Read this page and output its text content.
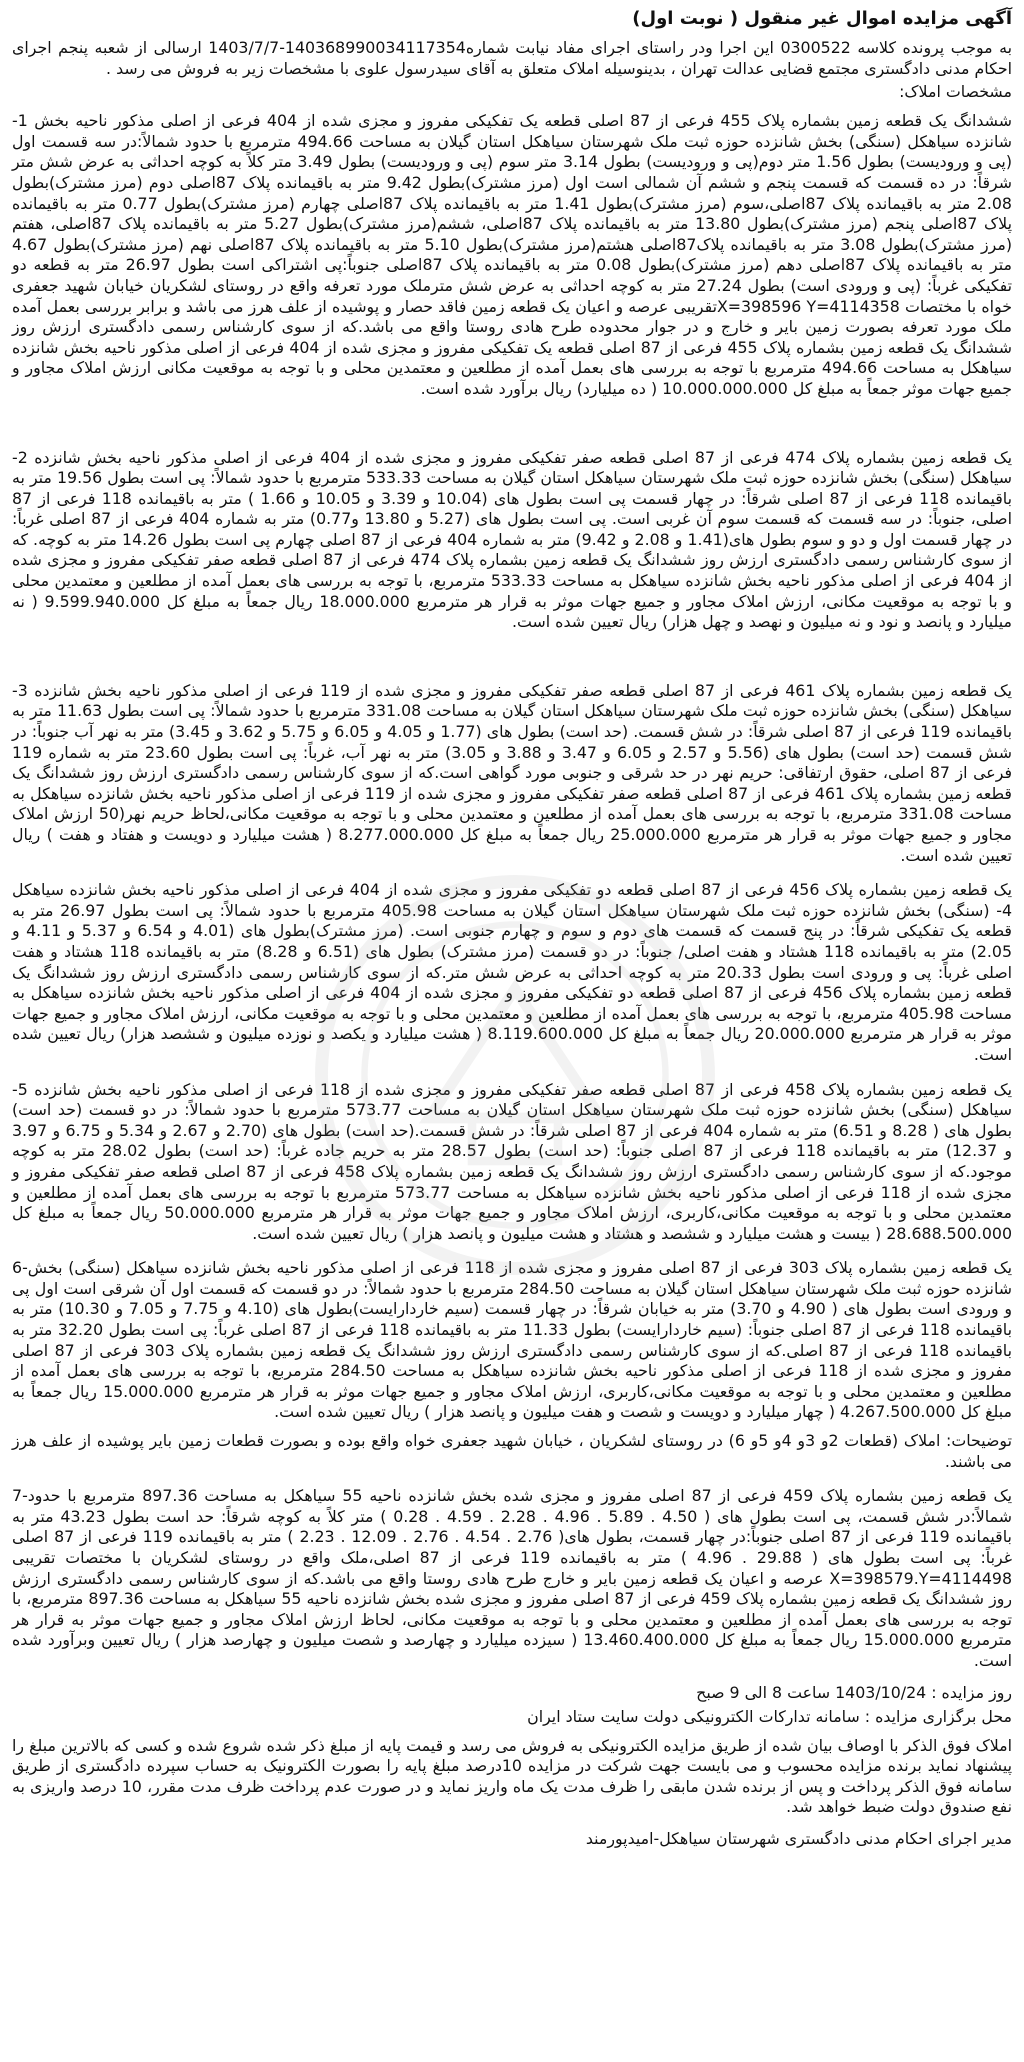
آگهی مزایده اموال غیر منقول ( نوبت اول)

به موجب پرونده کلاسه 0300522 این اجرا ودر راستای اجرای مفاد نیابت شماره140368990034117354-1403/7/7 ارسالی از شعبه پنجم اجرای احکام مدنی دادگستری مجتمع قضایی عدالت تهران ، بدینوسیله املاک متعلق به آقای سیدرسول علوی با مشخصات زیر به فروش می رسد .

مشخصات املاک:

ششدانگ یک قطعه زمین بشماره پلاک 455 فرعی از 87 اصلی قطعه یک تفکیکی مفروز و مجزی شده از 404 فرعی از اصلی مذکور ناحیه بخش 1- شانزده سیاهکل (سنگی) بخش شانزده حوزه ثبت ملک شهرستان سیاهکل استان گیلان به مساحت 494.66 مترمربع با حدود شمالاً:در سه قسمت اول (پی و ورودیست) بطول 1.56 متر دوم(پی و ورودیست) بطول 3.14 متر سوم (پی و ورودیست) بطول 3.49 متر کلاً به کوچه احداثی به عرض شش متر شرقاً: در ده قسمت که قسمت پنجم و ششم آن شمالی است اول (مرز مشترک)بطول 9.42 متر به باقیمانده پلاک 87اصلی دوم (مرز مشترک)بطول 2.08 متر به باقیمانده پلاک 87اصلی،سوم (مرز مشترک)بطول 1.41 متر به باقیمانده پلاک 87اصلی چهارم (مرز مشترک)بطول 0.77 متر به باقیمانده پلاک 87اصلی پنجم (مرز مشترک)بطول 13.80 متر به باقیمانده پلاک 87اصلی، ششم(مرز مشترک)بطول 5.27 متر به باقیمانده پلاک 87اصلی، هفتم (مرز مشترک)بطول 3.08 متر به باقیمانده پلاک87اصلی هشتم(مرز مشترک)بطول 5.10 متر به باقیمانده پلاک 87اصلی نهم (مرز مشترک)بطول 4.67 متر به باقیمانده پلاک 87اصلی دهم (مرز مشترک)بطول 0.08 متر به باقیمانده پلاک 87اصلی جنوباً:پی اشتراکی است بطول 26.97 متر به قطعه دو تفکیکی غرباً: (پی و ورودی است) بطول 27.24 متر به کوچه احداثی به عرض شش مترملک مورد تعرفه واقع در روستای لشکریان خیابان شهید جعفری خواه با مختصات X=398596 Y=4114358تقریبی عرصه و اعیان یک قطعه زمین فاقد حصار و پوشیده از علف هرز می باشد و برابر بررسی بعمل آمده ملک مورد تعرفه بصورت زمین بایر و خارج و در جوار محدوده طرح هادی روستا واقع می باشد.که از سوی کارشناس رسمی دادگستری ارزش روز ششدانگ یک قطعه زمین بشماره پلاک 455 فرعی از 87 اصلی قطعه یک تفکیکی مفروز و مجزی شده از 404 فرعی از اصلی مذکور ناحیه بخش شانزده سیاهکل به مساحت 494.66 مترمربع با توجه به بررسی های بعمل آمده از مطلعین و معتمدین محلی و با توجه به موقعیت مکانی ارزش املاک مجاور و جمیع جهات موثر جمعاً به مبلغ کل 10.000.000.000 ( ده میلیارد) ریال برآورد شده است.

یک قطعه زمین بشماره پلاک 474 فرعی از 87 اصلی قطعه صفر تفکیکی مفروز و مجزی شده از 404 فرعی از اصلی مذکور ناحیه بخش شانزده 2- سیاهکل (سنگی) بخش شانزده حوزه ثبت ملک شهرستان سیاهکل استان گیلان به مساحت 533.33 مترمربع با حدود شمالاً: پی است بطول 19.56 متر به باقیمانده 118 فرعی از 87 اصلی شرقاً: در چهار قسمت پی است بطول های (10.04 و 3.39 و 10.05 و 1.66 ) متر به باقیمانده 118 فرعی از 87 اصلی، جنوباً: در سه قسمت که قسمت سوم آن غربی است. پی است بطول های (5.27 و 13.80 و0.77) متر به شماره 404 فرعی از 87 اصلی غرباً: در چهار قسمت اول و دو و سوم بطول های(1.41 و 2.08 و 9.42) متر به شماره 404 فرعی از 87 اصلی چهارم پی است بطول 14.26 متر به کوچه. که از سوی کارشناس رسمی دادگستری ارزش روز ششدانگ یک قطعه زمین بشماره پلاک 474 فرعی از 87 اصلی قطعه صفر تفکیکی مفروز و مجزی شده از 404 فرعی از اصلی مذکور ناحیه بخش شانزده سیاهکل به مساحت 533.33 مترمربع، با توجه به بررسی های بعمل آمده از مطلعین و معتمدین محلی و با توجه به موقعیت مکانی، ارزش املاک مجاور و جمیع جهات موثر به قرار هر مترمربع 18.000.000 ریال جمعاً به مبلغ کل 9.599.940.000 ( نه میلیارد و پانصد و نود و نه میلیون و نهصد و چهل هزار) ریال تعیین شده است.

یک قطعه زمین بشماره پلاک 461 فرعی از 87 اصلی قطعه صفر تفکیکی مفروز و مجزی شده از 119 فرعی از اصلی مذکور ناحیه بخش شانزده 3- سیاهکل (سنگی) بخش شانزده حوزه ثبت ملک شهرستان سیاهکل استان گیلان به مساحت 331.08 مترمربع با حدود شمالاً: پی است بطول 11.63 متر به باقیمانده 119 فرعی از 87 اصلی شرقاً: در شش قسمت. (حد است) بطول های (1.77 و 4.05 و 6.05 و 5.75 و 3.62 و 3.45) متر به نهر آب جنوباً: در شش قسمت (حد است) بطول های (5.56 و 2.57 و 6.05 و 3.47 و 3.88 و 3.05) متر به نهر آب، غرباً: پی است بطول 23.60 متر به شماره 119 فرعی از 87 اصلی، حقوق ارتفاقی: حریم نهر در حد شرقی و جنوبی مورد گواهی است.که از سوی کارشناس رسمی دادگستری ارزش روز ششدانگ یک قطعه زمین بشماره پلاک 461 فرعی از 87 اصلی قطعه صفر تفکیکی مفروز و مجزی شده از 119 فرعی از اصلی مذکور ناحیه بخش شانزده سیاهکل به مساحت 331.08 مترمربع، با توجه به بررسی های بعمل آمده از مطلعین و معتمدین محلی و با توجه به موقعیت مکانی،لحاظ حریم نهر(50 ارزش املاک مجاور و جمیع جهات موثر به قرار هر مترمربع 25.000.000 ریال جمعاً به مبلغ کل 8.277.000.000 ( هشت میلیارد و دویست و هفتاد و هفت ) ریال تعیین شده است.

یک قطعه زمین بشماره پلاک 456 فرعی از 87 اصلی قطعه دو تفکیکی مفروز و مجزی شده از 404 فرعی از اصلی مذکور ناحیه بخش شانزده سیاهکل 4- (سنگی) بخش شانزده حوزه ثبت ملک شهرستان سیاهکل استان گیلان به مساحت 405.98 مترمربع با حدود شمالاً: پی است بطول 26.97 متر به قطعه یک تفکیکی شرقاً: در پنج قسمت که قسمت های دوم و سوم و چهارم جنوبی است. (مرز مشترک)بطول های (4.01 و 6.54 و 5.37 و 4.11 و 2.05) متر به باقیمانده 118 هشتاد و هفت اصلی/ جنوباً: در دو قسمت (مرز مشترک) بطول های (6.51 و 8.28) متر به باقیمانده 118 هشتاد و هفت اصلی غرباً: پی و ورودی است بطول 20.33 متر به کوچه احداثی به عرض شش متر.که از سوی کارشناس رسمی دادگستری ارزش روز ششدانگ یک قطعه زمین بشماره پلاک 456 فرعی از 87 اصلی قطعه دو تفکیکی مفروز و مجزی شده از 404 فرعی از اصلی مذکور ناحیه بخش شانزده سیاهکل به مساحت 405.98 مترمربع، با توجه به بررسی های بعمل آمده از مطلعین و معتمدین محلی و با توجه به موقعیت مکانی، ارزش املاک مجاور و جمیع جهات موثر به قرار هر مترمربع 20.000.000 ریال جمعاً به مبلغ کل 8.119.600.000 ( هشت میلیارد و یکصد و نوزده میلیون و ششصد هزار) ریال تعیین شده است.

یک قطعه زمین بشماره پلاک 458 فرعی از 87 اصلی قطعه صفر تفکیکی مفروز و مجزی شده از 118 فرعی از اصلی مذکور ناحیه بخش شانزده 5- سیاهکل (سنگی) بخش شانزده حوزه ثبت ملک شهرستان سیاهکل استان گیلان به مساحت 573.77 مترمربع با حدود شمالاً: در دو قسمت (حد است) بطول های ( 8.28 و 6.51) متر به شماره 404 فرعی از 87 اصلی شرقاً: در شش قسمت.(حد است) بطول های (2.70 و 2.67 و 5.34 و 6.75 و 3.97 و 12.37) متر به باقیمانده 118 فرعی از 87 اصلی جنوباً: (حد است) بطول 28.57 متر به حریم جاده غرباً: (حد است) بطول 28.02 متر به کوچه موجود.که از سوی کارشناس رسمی دادگستری ارزش روز ششدانگ یک قطعه زمین بشماره پلاک 458 فرعی از 87 اصلی قطعه صفر تفکیکی مفروز و مجزی شده از 118 فرعی از اصلی مذکور ناحیه بخش شانزده سیاهکل به مساحت 573.77 مترمربع با توجه به بررسی های بعمل آمده از مطلعین و معتمدین محلی و با توجه به موقعیت مکانی،کاربری، ارزش املاک مجاور و جمیع جهات موثر به قرار هر مترمربع 50.000.000 ریال جمعاً به مبلغ کل 28.688.500.000 ( بیست و هشت میلیارد و ششصد و هشتاد و هشت میلیون و پانصد هزار ) ریال تعیین شده است.

یک قطعه زمین بشماره پلاک 303 فرعی از 87 اصلی مفروز و مجزی شده از 118 فرعی از اصلی مذکور ناحیه بخش شانزده سیاهکل (سنگی) بخش-6 شانزده حوزه ثبت ملک شهرستان سیاهکل استان گیلان به مساحت 284.50 مترمربع با حدود شمالاً: در دو قسمت که قسمت اول آن شرقی است اول پی و ورودی است بطول های ( 4.90 و 3.70) متر به خیابان شرقاً: در چهار قسمت (سیم خاردارایست)بطول های (4.10 و 7.75 و 7.05 و 10.30) متر به باقیمانده 118 فرعی از 87 اصلی جنوباً: (سیم خاردارایست) بطول 11.33 متر به باقیمانده 118 فرعی از 87 اصلی غرباً: پی است بطول 32.20 متر به باقیمانده 118 فرعی از 87 اصلی.که از سوی کارشناس رسمی دادگستری ارزش روز ششدانگ یک قطعه زمین بشماره پلاک 303 فرعی از 87 اصلی مفروز و مجزی شده از 118 فرعی از اصلی مذکور ناحیه بخش شانزده سیاهکل به مساحت 284.50 مترمربع، با توجه به بررسی های بعمل آمده از مطلعین و معتمدین محلی و با توجه به موقعیت مکانی،کاربری، ارزش املاک مجاور و جمیع جهات موثر به قرار هر مترمربع 15.000.000 ریال جمعاً به مبلغ کل 4.267.500.000 ( چهار میلیارد و دویست و شصت و هفت میلیون و پانصد هزار ) ریال تعیین شده است.

توضیحات: املاک (قطعات 2و 3و 4و 5و 6) در روستای لشکریان ، خیابان شهید جعفری خواه واقع بوده و بصورت قطعات زمین بایر پوشیده از علف هرز می باشند.

یک قطعه زمین بشماره پلاک 459 فرعی از 87 اصلی مفروز و مجزی شده بخش شانزده ناحیه 55 سیاهکل به مساحت 897.36 مترمربع با حدود-7 شمالاً:در شش قسمت، پی است بطول های ( 4.50 . 5.89 . 4.96 . 2.28 . 4.59 . 0.28 ) متر کلاً به کوچه شرقاً: حد است بطول 43.23 متر به باقیمانده 119 فرعی از 87 اصلی جنوباً:در چهار قسمت، بطول های( 2.76 . 4.54 . 2.76 . 12.09 . 2.23 ) متر به باقیمانده 119 فرعی از 87 اصلی غرباً: پی است بطول های ( 29.88 . 4.96 ) متر به باقیمانده 119 فرعی از 87 اصلی،ملک واقع در روستای لشکریان با مختصات تقریبی X=398579.Y=4114498 عرصه و اعیان یک قطعه زمین بایر و خارج طرح هادی روستا واقع می باشد.که از سوی کارشناس رسمی دادگستری ارزش روز ششدانگ یک قطعه زمین بشماره پلاک 459 فرعی از 87 اصلی مفروز و مجزی شده بخش شانزده ناحیه 55 سیاهکل به مساحت 897.36 مترمربع، با توجه به بررسی های بعمل آمده از مطلعین و معتمدین محلی و با توجه به موقعیت مکانی، لحاظ ارزش املاک مجاور و جمیع جهات موثر به قرار هر مترمربع 15.000.000 ریال جمعاً به مبلغ کل 13.460.400.000 ( سیزده میلیارد و چهارصد و شصت میلیون و چهارصد هزار ) ریال تعیین وبرآورد شده است.

روز مزایده : 1403/10/24 ساعت 8 الی 9 صبح
محل برگزاری مزایده : سامانه تدارکات الکترونیکی دولت سایت ستاد ایران

املاک فوق الذکر با اوصاف بیان شده از طریق مزایده الکترونیکی به فروش می رسد و قیمت پایه از مبلغ ذکر شده شروع شده و کسی که بالاترین مبلغ را پیشنهاد نماید برنده مزایده محسوب و می بایست جهت شرکت در مزایده 10درصد مبلغ پایه را بصورت الکترونیک به حساب سپرده دادگستری از طریق سامانه فوق الذکر پرداخت و پس از برنده شدن مابقی را ظرف مدت یک ماه واریز نماید و در صورت عدم پرداخت ظرف مدت مقرر، 10 درصد واریزی به نفع صندوق دولت ضبط خواهد شد.

مدیر اجرای احکام مدنی دادگستری شهرستان سیاهکل-امیدپورمند
